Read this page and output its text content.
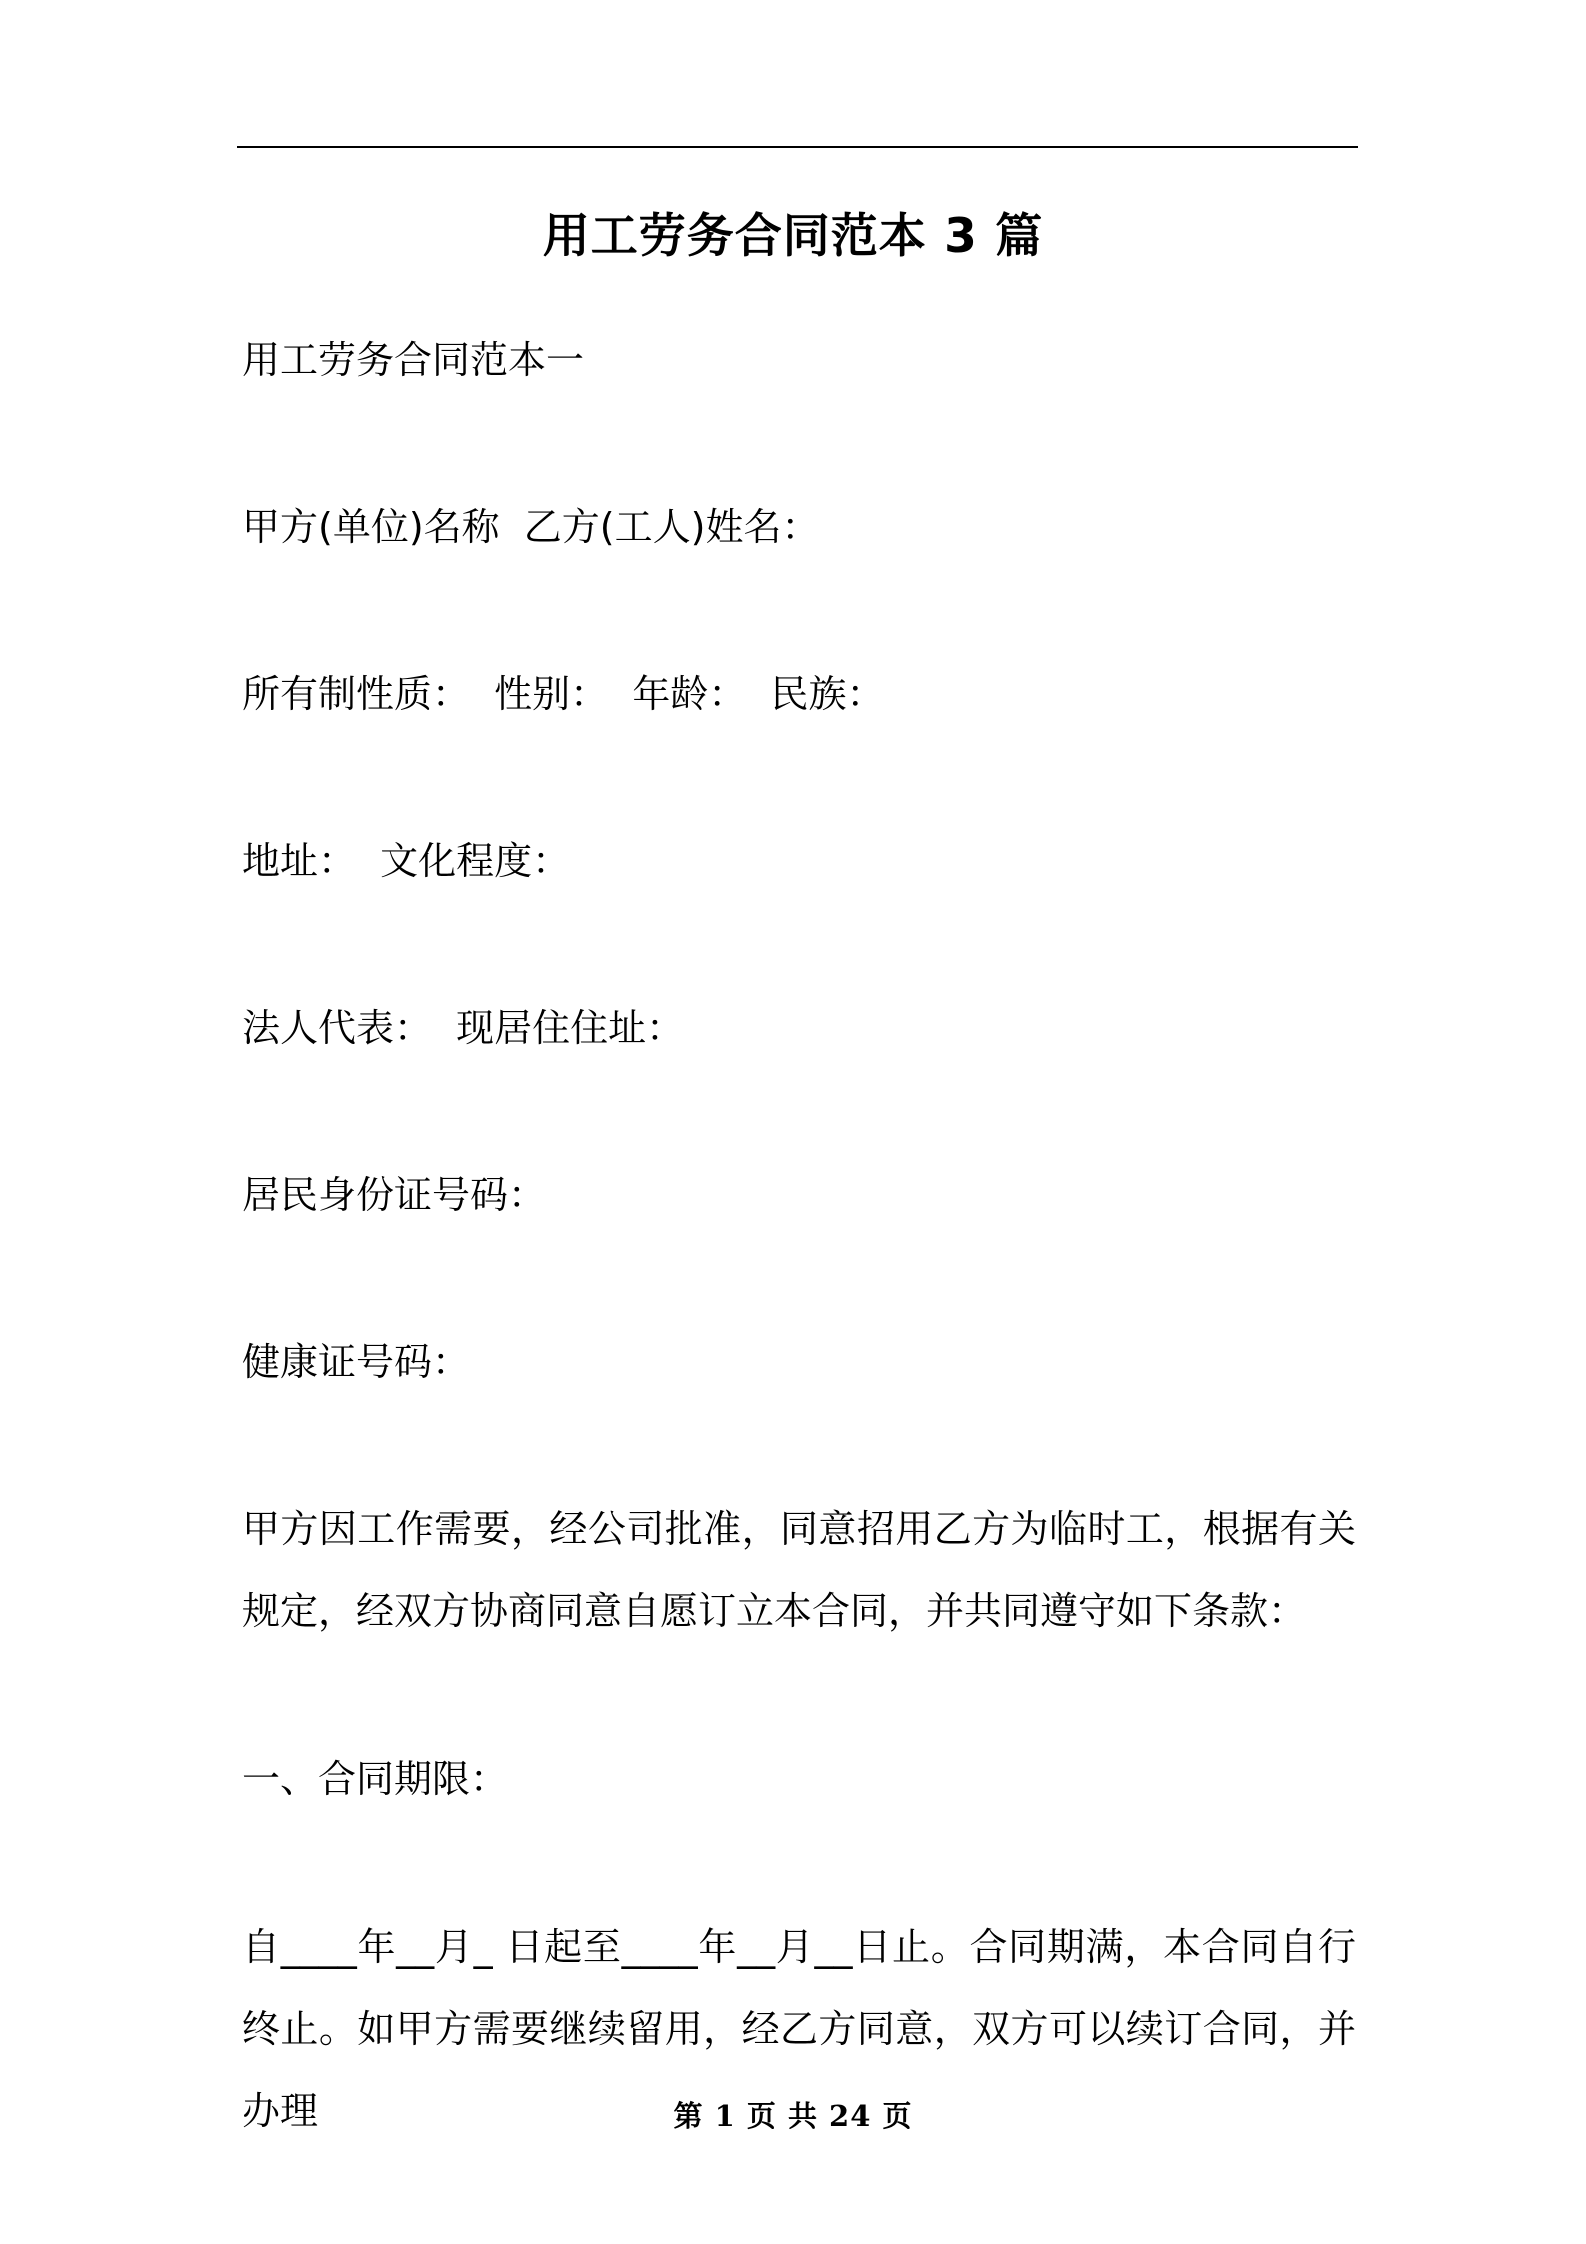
用工劳务合同范本 3 篇
用工劳务合同范本一
甲方(单位)名称  乙方(工人)姓名：
所有制性质：  性别：  年龄：  民族：
地址：  文化程度：
法人代表：  现居住住址：
居民身份证号码：
健康证号码：
甲方因工作需要，经公司批准，同意招用乙方为临时工，根据有关规定，经双方协商同意自愿订立本合同，并共同遵守如下条款：
一、合同期限：
自____年__月_ 日起至____年__月__日止。合同期满，本合同自行终止。如甲方需要继续留用，经乙方同意，双方可以续订合同，并办理	第 1 页 共 24 页
